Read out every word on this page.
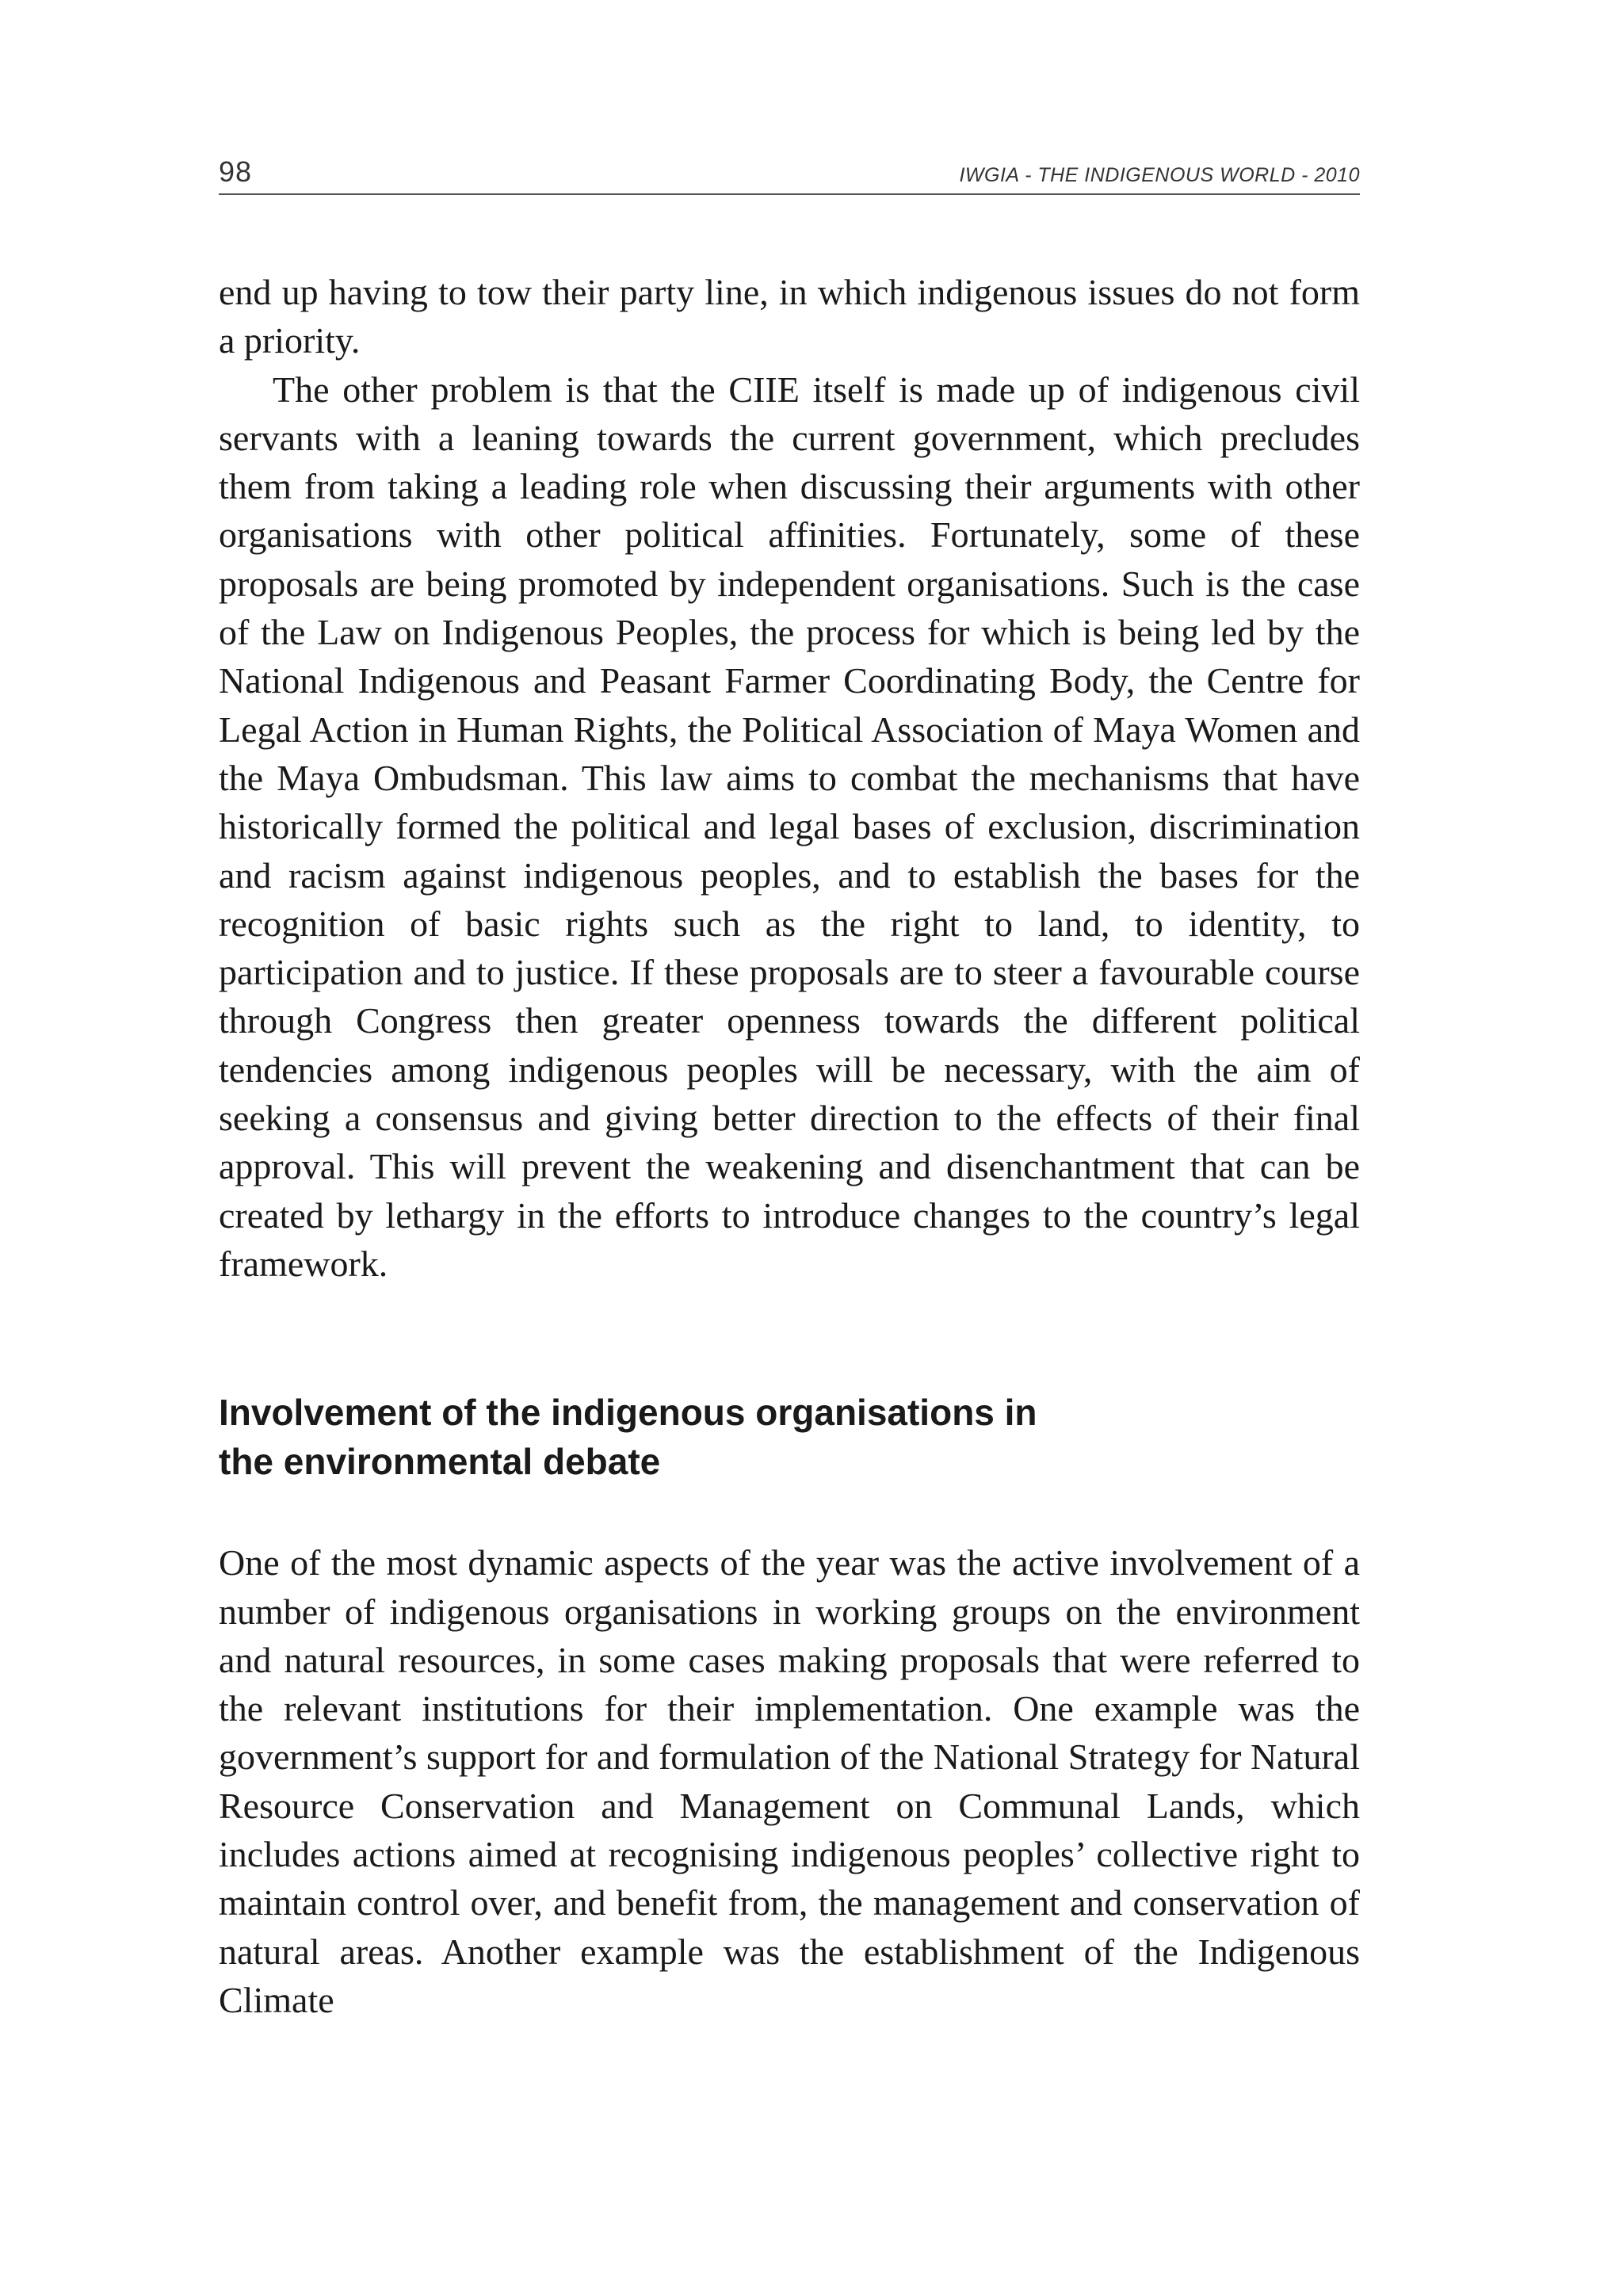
98	IWGIA - THE INDIGENOUS WORLD - 2010

end up having to tow their party line, in which indigenous issues do not form a priority.

The other problem is that the CIIE itself is made up of indigenous civil servants with a leaning towards the current government, which precludes them from taking a leading role when discussing their arguments with other organisations with other political affinities. Fortunately, some of these proposals are being promoted by independent organisations. Such is the case of the Law on Indigenous Peoples, the process for which is being led by the National Indigenous and Peasant Farmer Coordinating Body, the Centre for Legal Action in Human Rights, the Political Association of Maya Women and the Maya Ombudsman. This law aims to combat the mechanisms that have historically formed the political and legal bases of exclusion, discrimination and racism against indigenous peoples, and to establish the bases for the recognition of basic rights such as the right to land, to identity, to participation and to justice. If these proposals are to steer a favourable course through Congress then greater openness towards the different political tendencies among indigenous peoples will be necessary, with the aim of seeking a consensus and giving better direction to the effects of their final approval. This will prevent the weakening and disenchantment that can be created by lethargy in the efforts to introduce changes to the country’s legal framework.

Involvement of the indigenous organisations in
the environmental debate

One of the most dynamic aspects of the year was the active involvement of a number of indigenous organisations in working groups on the environment and natural resources, in some cases making proposals that were referred to the relevant institutions for their implementation. One example was the government’s support for and formulation of the National Strategy for Natural Resource Conservation and Management on Communal Lands, which includes actions aimed at recognising indigenous peoples’ collective right to maintain control over, and benefit from, the management and conservation of natural areas. Another example was the establishment of the Indigenous Climate
